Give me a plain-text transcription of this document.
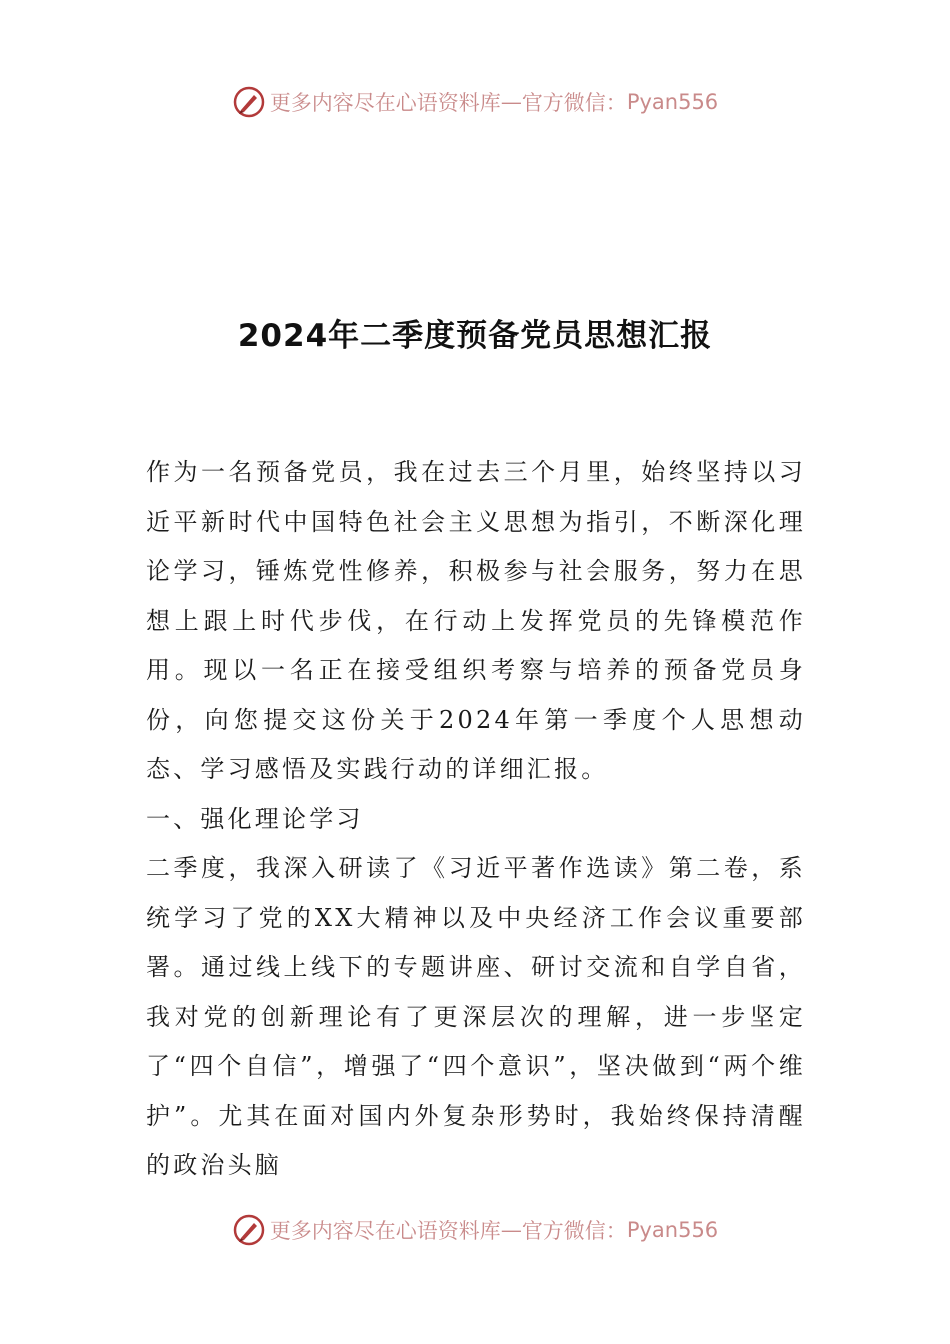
更多内容尽在心语资料库 — 官方微信： Pyan556
2024年二季度预备党员思想汇报

作为一名预备党员，我在过去三个月里，始终坚持以习近平新时代中国特色社会主义思想为指引，不断深化理论学习，锤炼党性修养，积极参与社会服务，努力在思想上跟上时代步伐，在行动上发挥党员的先锋模范作用。现以一名正在接受组织考察与培养的预备党员身份，向您提交这份关于2024年第一季度个人思想动态、学习感悟及实践行动的详细汇报。

一、强化理论学习

二季度，我深入研读了《习近平著作选读》第二卷，系统学习了党的XX大精神以及中央经济工作会议重要部署。通过线上线下的专题讲座、研讨交流和自学自省，我对党的创新理论有了更深层次的理解，进一步坚定了“四个自信”，增强了“四个意识”，坚决做到“两个维护”。尤其在面对国内外复杂形势时，我始终保持清醒的政治头脑

更多内容尽在心语资料库 — 官方微信： Pyan556
